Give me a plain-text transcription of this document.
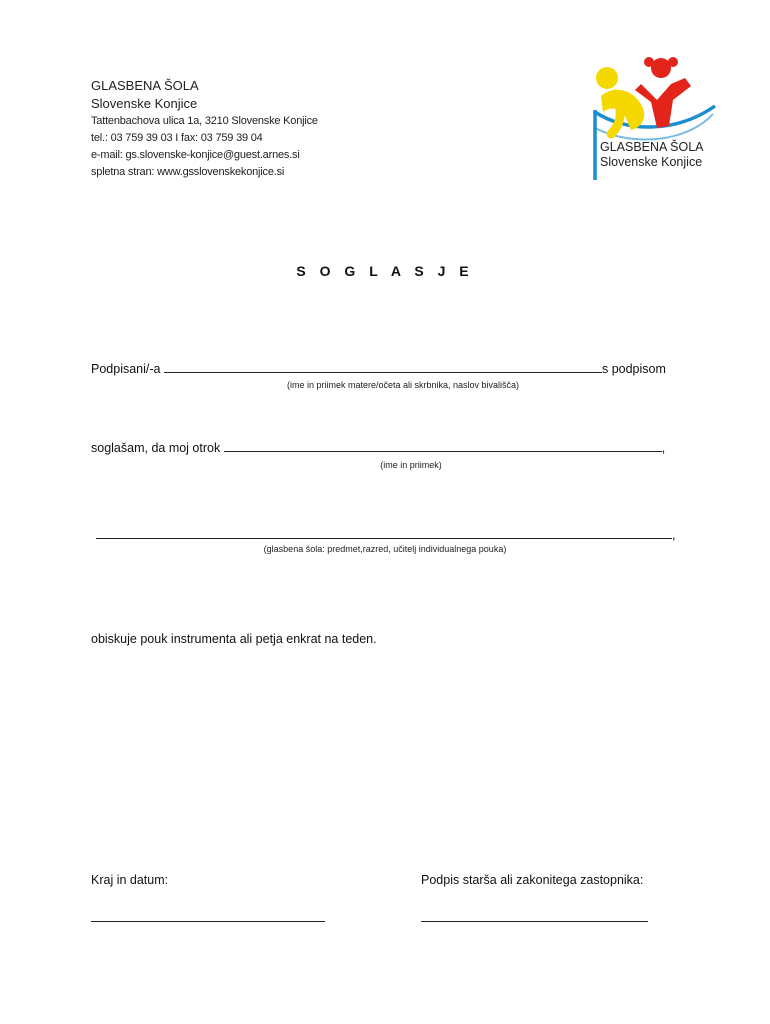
GLASBENA ŠOLA
Slovenske Konjice
Tattenbachova ulica 1a, 3210 Slovenske Konjice
tel.: 03 759 39 03 I fax: 03 759 39 04
e-mail: gs.slovenske-konjice@guest.arnes.si
spletna stran: www.gsslovenskekonjice.si
GLASBENA ŠOLA
Slovenske Konjice
S O G L A S J E
Podpisani/-a	s podpisom
(ime in priimek matere/očeta ali skrbnika, naslov bivališča)
soglašam, da moj otrok	,
(ime in priimek)
,
(glasbena šola: predmet,razred, učitelj individualnega pouka)
obiskuje pouk instrumenta ali petja enkrat na teden.
Kraj in datum:	Podpis starša ali zakonitega zastopnika:
